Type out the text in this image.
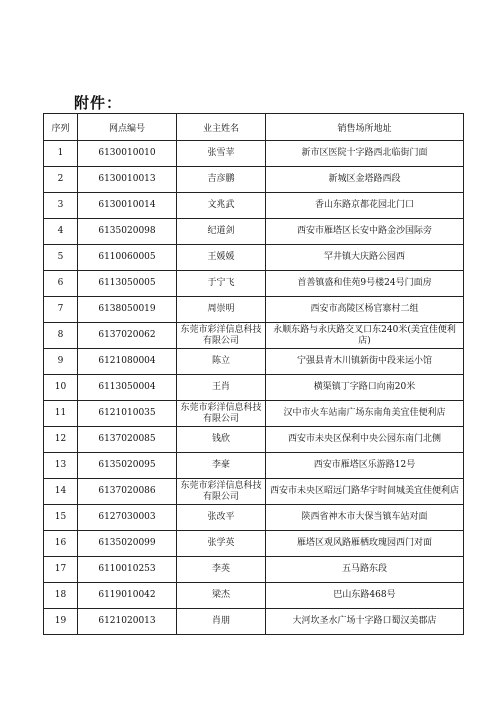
附件：
序列	网点编号	业主姓名	销售场所地址
1	6130010010	张雪苹	新市区医院十字路西北临街门面
2	6130010013	吉彦鹏	新城区金塔路西段
3	6130010014	文兆武	香山东路京都花园北门口
4	6135020098	纪道剑	西安市雁塔区长安中路金沙国际旁
5	6110060005	王媛媛	罕井镇大庆路公园西
6	6113050005	于宁飞	首善镇盛和佳苑9号楼24号门面房
7	6138050019	周崇明	西安市高陵区杨官寨村二组
8	6137020062	东莞市彩洋信息科技有限公司	永顺东路与永庆路交叉口东240米(美宜佳便利店)
9	6121080004	陈立	宁强县青木川镇新街中段来运小馆
10	6113050004	王肖	横渠镇丁字路口向南20米
11	6121010035	东莞市彩洋信息科技有限公司	汉中市火车站南广场东南角美宜佳便利店
12	6137020085	钱欣	西安市未央区保利中央公园东南门北侧
13	6135020095	李豪	西安市雁塔区乐游路12号
14	6137020086	东莞市彩洋信息科技有限公司	西安市未央区昭远门路华宇时间城美宜佳便利店
15	6127030003	张改平	陕西省神木市大保当镇车站对面
16	6135020099	张学英	雁塔区观风路雁栖玫瑰园西门对面
17	6110010253	李英	五马路东段
18	6119010042	梁杰	巴山东路468号
19	6121020013	肖朋	大河坎圣水广场十字路口蜀汉美郡店
